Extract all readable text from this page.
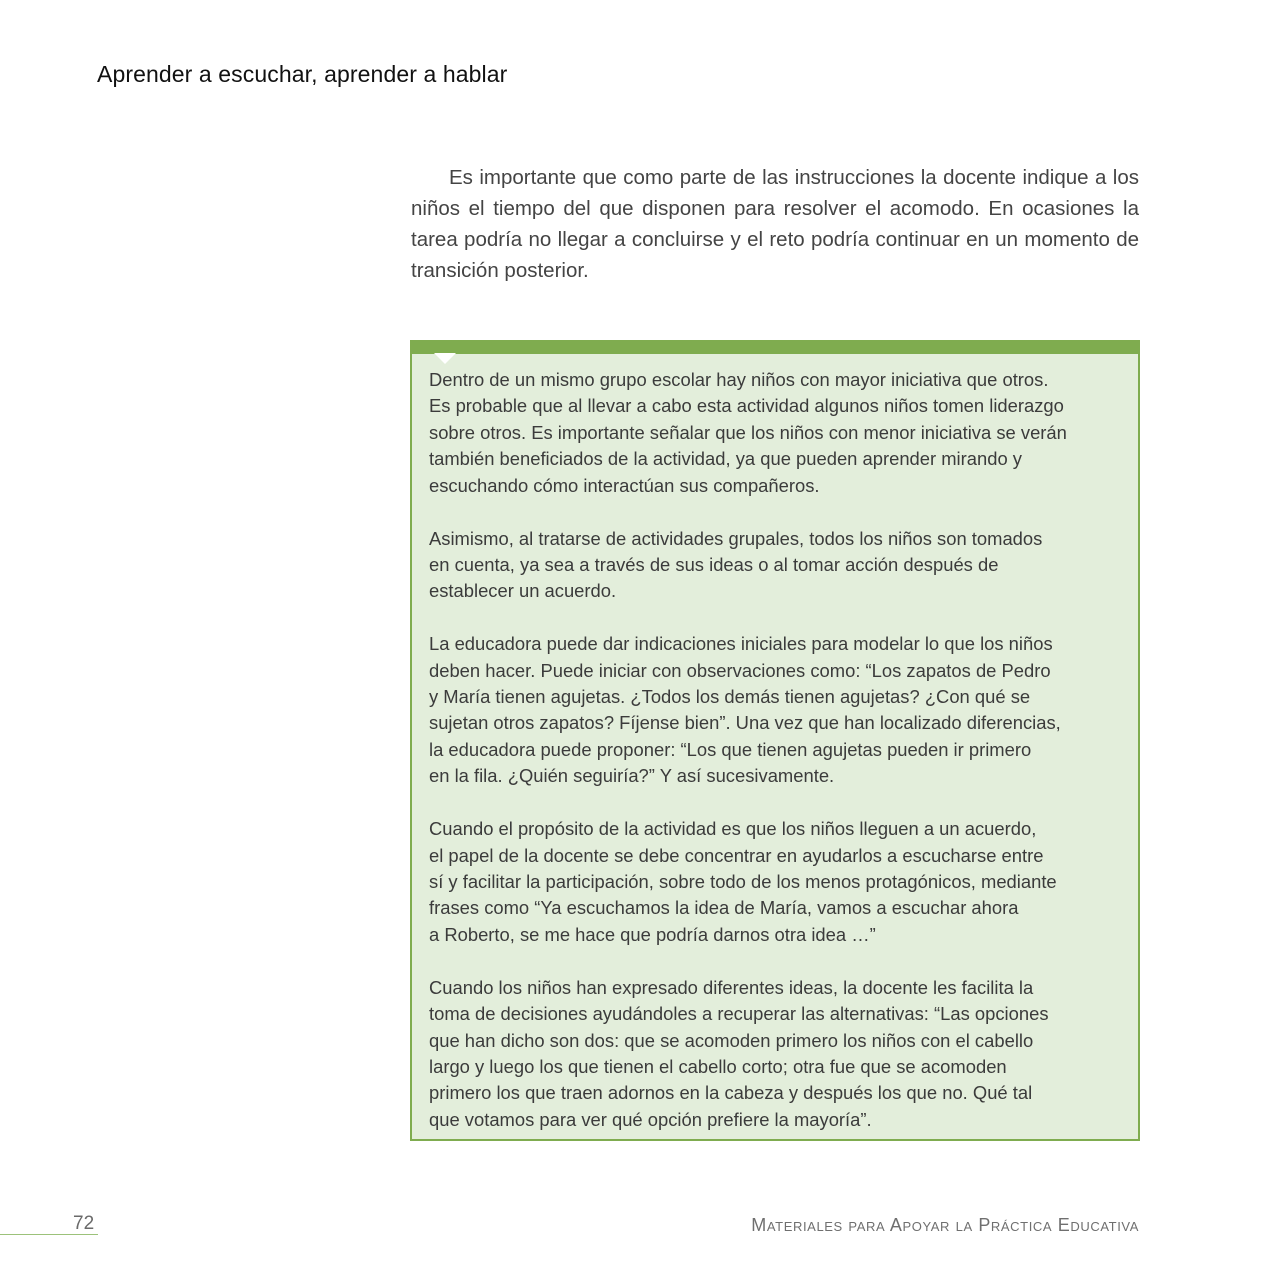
Aprender a escuchar, aprender a hablar

Es importante que como parte de las instrucciones la docente indique a los niños el tiempo del que disponen para resolver el acomodo. En ocasiones la tarea podría no llegar a concluirse y el reto podría continuar en un momento de transición posterior.

Dentro de un mismo grupo escolar hay niños con mayor iniciativa que otros.
Es probable que al llevar a cabo esta actividad algunos niños tomen liderazgo
sobre otros. Es importante señalar que los niños con menor iniciativa se verán
también beneficiados de la actividad, ya que pueden aprender mirando y
escuchando cómo interactúan sus compañeros.

Asimismo, al tratarse de actividades grupales, todos los niños son tomados
en cuenta, ya sea a través de sus ideas o al tomar acción después de
establecer un acuerdo.

La educadora puede dar indicaciones iniciales para modelar lo que los niños
deben hacer. Puede iniciar con observaciones como: “Los zapatos de Pedro
y María tienen agujetas. ¿Todos los demás tienen agujetas? ¿Con qué se
sujetan otros zapatos? Fíjense bien”. Una vez que han localizado diferencias,
la educadora puede proponer: “Los que tienen agujetas pueden ir primero
en la fila. ¿Quién seguiría?” Y así sucesivamente.

Cuando el propósito de la actividad es que los niños lleguen a un acuerdo,
el papel de la docente se debe concentrar en ayudarlos a escucharse entre
sí y facilitar la participación, sobre todo de los menos protagónicos, mediante
frases como “Ya escuchamos la idea de María, vamos a escuchar ahora
a Roberto, se me hace que podría darnos otra idea …”

Cuando los niños han expresado diferentes ideas, la docente les facilita la
toma de decisiones ayudándoles a recuperar las alternativas: “Las opciones
que han dicho son dos: que se acomoden primero los niños con el cabello
largo y luego los que tienen el cabello corto; otra fue que se acomoden
primero los que traen adornos en la cabeza y después los que no. Qué tal
que votamos para ver qué opción prefiere la mayoría”.

72	Materiales para Apoyar la Práctica Educativa
